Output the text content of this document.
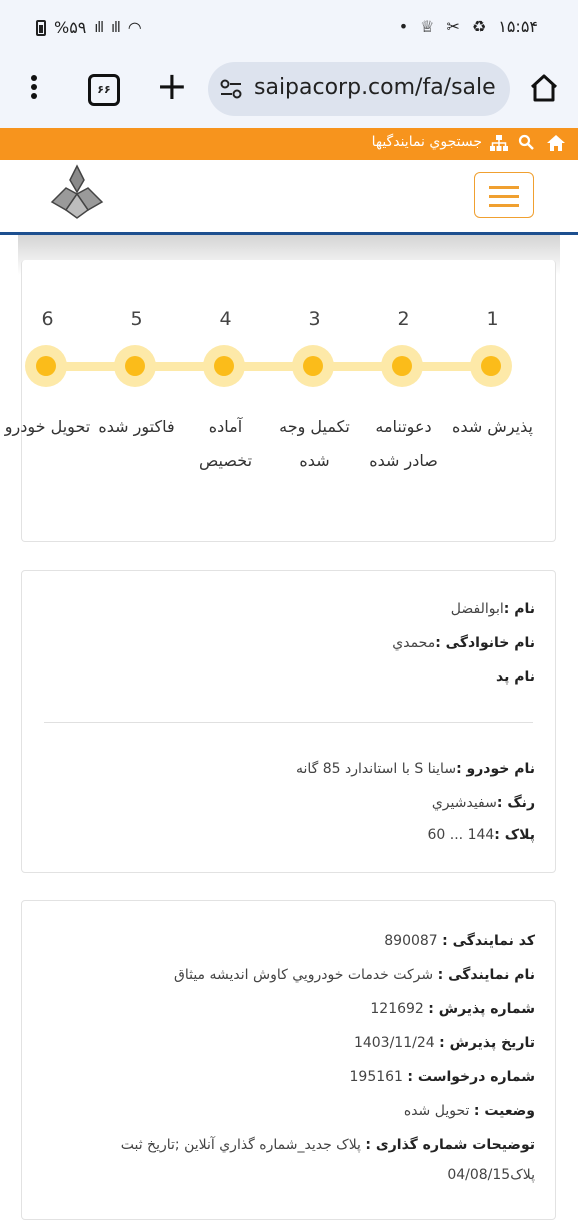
%۵۹ ıll ıll ◠	• ♕ ✂ ♻ ۱۵:۵۴
۶۶ +	saipacorp.com/fa/sale
جستجوي نمايندگيها
1
پذیرش شده
2
دعوتنامه صادر شده
3
تکمیل وجه شده
4
آماده تخصیص
5
فاکتور شده
6
تحویل خودرو
نام :ابوالفضل
نام خانوادگی :محمدي
نام پد
نام خودرو :ساینا S با استاندارد 85 گانه
رنگ :سفیدشيري
پلاک :144 ... 60
کد نمایندگی : 890087
نام نمایندگی : شرکت خدمات خودرويي کاوش انديشه ميثاق
شماره پذیرش : 121692
تاریخ پذیرش : 1403/11/24
شماره درخواست : 195161
وضعیت : تحویل شده
توضیحات شماره گذاری : پلاک جديد_شماره گذاري آنلاين ;تاريخ ثبت
پلاک04/08/15
